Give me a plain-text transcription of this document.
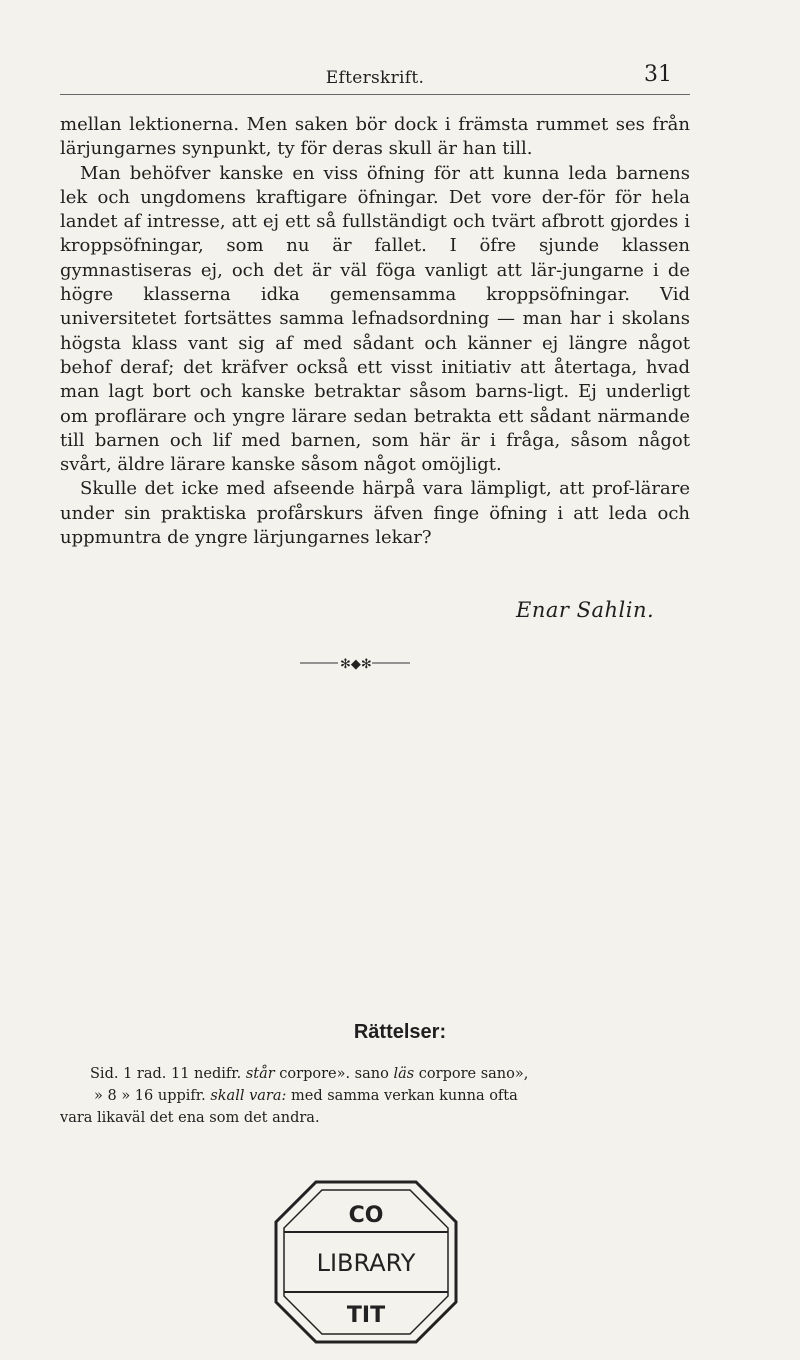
Efterskrift.	31

mellan lektionerna. Men saken bör dock i främsta rummet ses från lärjungarnes synpunkt, ty för deras skull är han till.

Man behöfver kanske en viss öfning för att kunna leda barnens lek och ungdomens kraftigare öfningar. Det vore der-för för hela landet af intresse, att ej ett så fullständigt och tvärt afbrott gjordes i kroppsöfningar, som nu är fallet. I öfre sjunde klassen gymnastiseras ej, och det är väl föga vanligt att lär-jungarne i de högre klasserna idka gemensamma kroppsöfningar. Vid universitetet fortsättes samma lefnadsordning — man har i skolans högsta klass vant sig af med sådant och känner ej längre något behof deraf; det kräfver också ett visst initiativ att återtaga, hvad man lagt bort och kanske betraktar såsom barns-ligt. Ej underligt om proflärare och yngre lärare sedan betrakta ett sådant närmande till barnen och lif med barnen, som här är i fråga, såsom något svårt, äldre lärare kanske såsom något omöjligt.

Skulle det icke med afseende härpå vara lämpligt, att prof-lärare under sin praktiska profårskurs äfven finge öfning i att leda och uppmuntra de yngre lärjungarnes lekar?

Enar Sahlin.
✻◆✻
Rättelser:
Sid. 1 rad. 11 nedifr. står corpore». sano läs corpore sano»,
» 8 » 16 uppifr. skall vara: med samma verkan kunna ofta
vara likaväl det ena som det andra.
CO
LIBRARY
TIT
